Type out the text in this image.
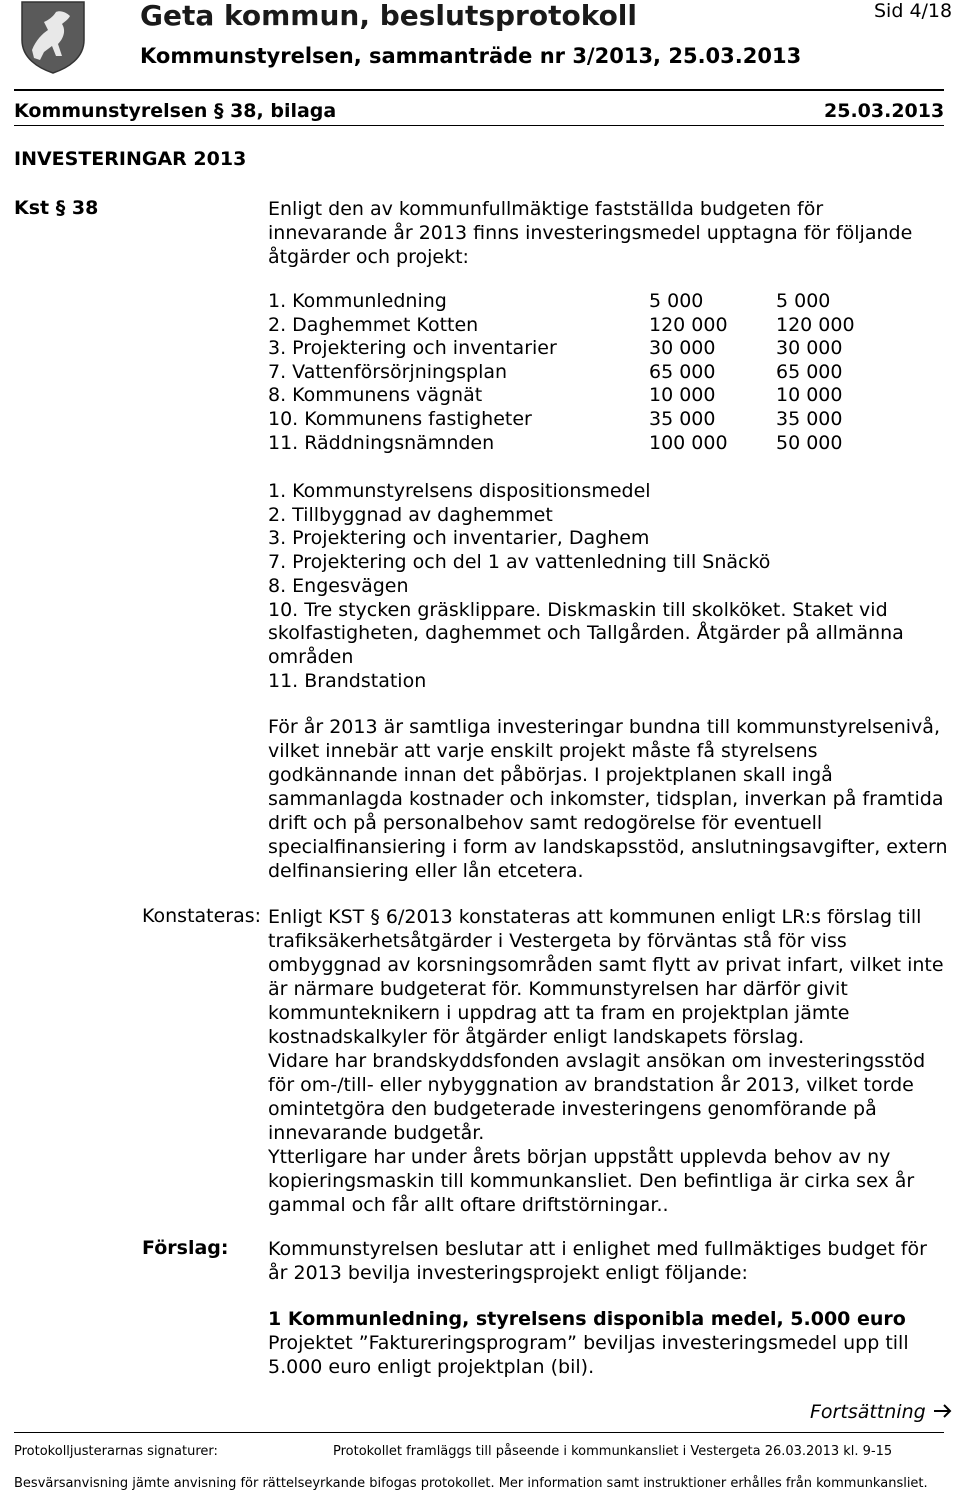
Geta kommun, beslutsprotokoll
Kommunstyrelsen, sammanträde nr 3/2013, 25.03.2013
Sid 4/18
Kommunstyrelsen § 38, bilaga	25.03.2013
INVESTERINGAR 2013
Kst § 38	Enligt den av kommunfullmäktige fastställda budgeten för innevarande år 2013 finns investeringsmedel upptagna för följande åtgärder och projekt:
1. Kommunledning	5 000	5 000
2. Daghemmet Kotten	120 000	120 000
3. Projektering och inventarier	30 000	30 000
7. Vattenförsörjningsplan	65 000	65 000
8. Kommunens vägnät	10 000	10 000
10. Kommunens fastigheter	35 000	35 000
11. Räddningsnämnden	100 000	50 000
1. Kommunstyrelsens dispositionsmedel
2. Tillbyggnad av daghemmet
3. Projektering och inventarier, Daghem
7. Projektering och del 1 av vattenledning till Snäckö
8. Engesvägen
10. Tre stycken gräsklippare. Diskmaskin till skolköket. Staket vid skolfastigheten, daghemmet och Tallgården. Åtgärder på allmänna områden
11. Brandstation
För år 2013 är samtliga investeringar bundna till kommunstyrelsenivå, vilket innebär att varje enskilt projekt måste få styrelsens godkännande innan det påbörjas. I projektplanen skall ingå sammanlagda kostnader och inkomster, tidsplan, inverkan på framtida drift och på personalbehov samt redogörelse för eventuell specialfinansiering i form av landskapsstöd, anslutningsavgifter, extern delfinansiering eller lån etcetera.
Konstateras: Enligt KST § 6/2013 konstateras att kommunen enligt LR:s förslag till trafiksäkerhetsåtgärder i Vestergeta by förväntas stå för viss ombyggnad av korsningsområden samt flytt av privat infart, vilket inte är närmare budgeterat för. Kommunstyrelsen har därför givit kommunteknikern i uppdrag att ta fram en projektplan jämte kostnadskalkyler för åtgärder enligt landskapets förslag.
Vidare har brandskyddsfonden avslagit ansökan om investeringsstöd för om-/till- eller nybyggnation av brandstation år 2013, vilket torde omintetgöra den budgeterade investeringens genomförande på innevarande budgetår.
Ytterligare har under årets början uppstått upplevda behov av ny kopieringsmaskin till kommunkansliet. Den befintliga är cirka sex år gammal och får allt oftare driftstörningar..
Förslag: Kommunstyrelsen beslutar att i enlighet med fullmäktiges budget för år 2013 bevilja investeringsprojekt enligt följande:
1 Kommunledning, styrelsens disponibla medel, 5.000 euro
Projektet ”Faktureringsprogram” beviljas investeringsmedel upp till 5.000 euro enligt projektplan (bil).
Fortsättning
Protokolljusterarnas signaturer:	Protokollet framläggs till påseende i kommunkansliet i Vestergeta 26.03.2013 kl. 9-15
Besvärsanvisning jämte anvisning för rättelseyrkande bifogas protokollet. Mer information samt instruktioner erhålles från kommunkansliet.
